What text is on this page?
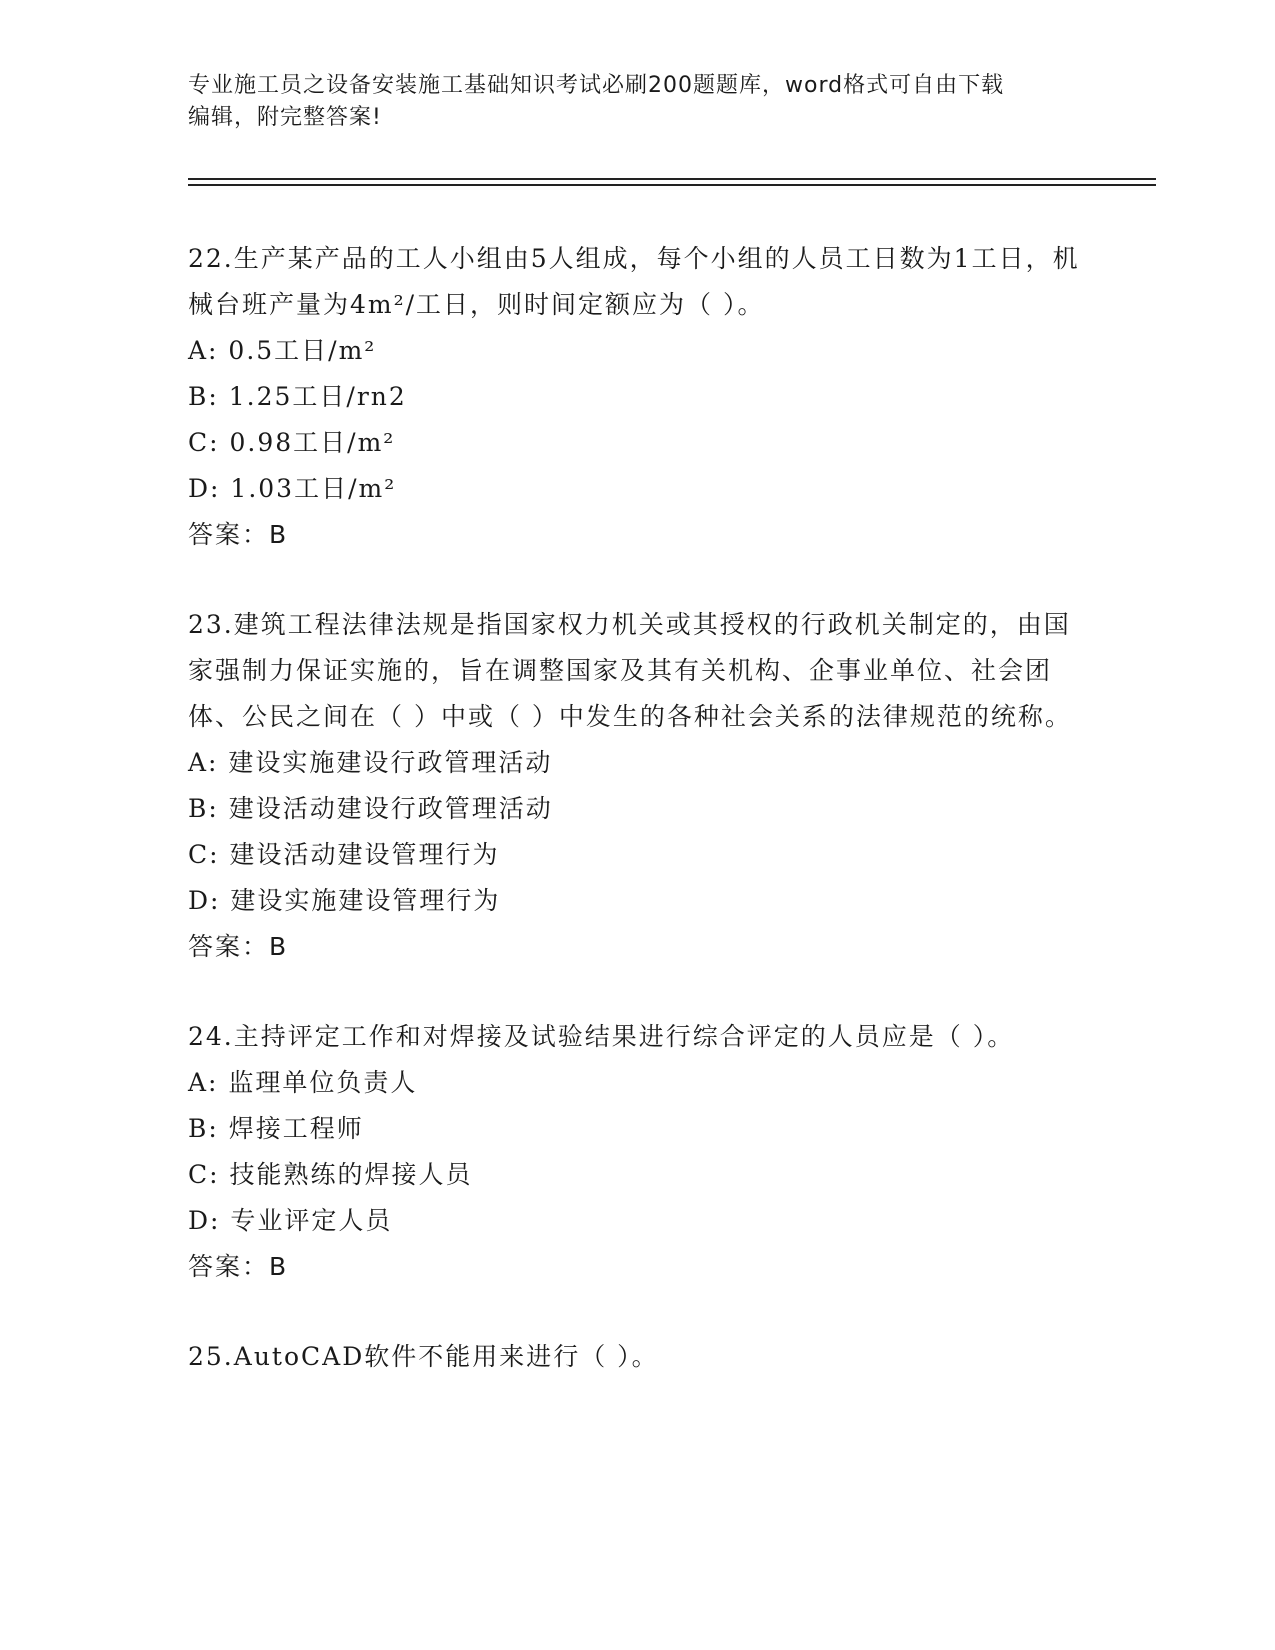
专业施工员之设备安装施工基础知识考试必刷200题题库，word格式可自由下载
编辑，附完整答案!

22.生产某产品的工人小组由5人组成，每个小组的人员工日数为1工日，机械台班产量为4m²/工日，则时间定额应为（ ）。

A: 0.5工日/m²

B: 1.25工日/rn2

C: 0.98工日/m²

D: 1.03工日/m²

答案：B

23.建筑工程法律法规是指国家权力机关或其授权的行政机关制定的，由国家强制力保证实施的，旨在调整国家及其有关机构、企事业单位、社会团体、公民之间在（ ）中或（ ）中发生的各种社会关系的法律规范的统称。

A: 建设实施建设行政管理活动

B: 建设活动建设行政管理活动

C: 建设活动建设管理行为

D: 建设实施建设管理行为

答案：B

24.主持评定工作和对焊接及试验结果进行综合评定的人员应是（ ）。

A: 监理单位负责人

B: 焊接工程师

C: 技能熟练的焊接人员

D: 专业评定人员

答案：B

25.AutoCAD软件不能用来进行（ ）。
